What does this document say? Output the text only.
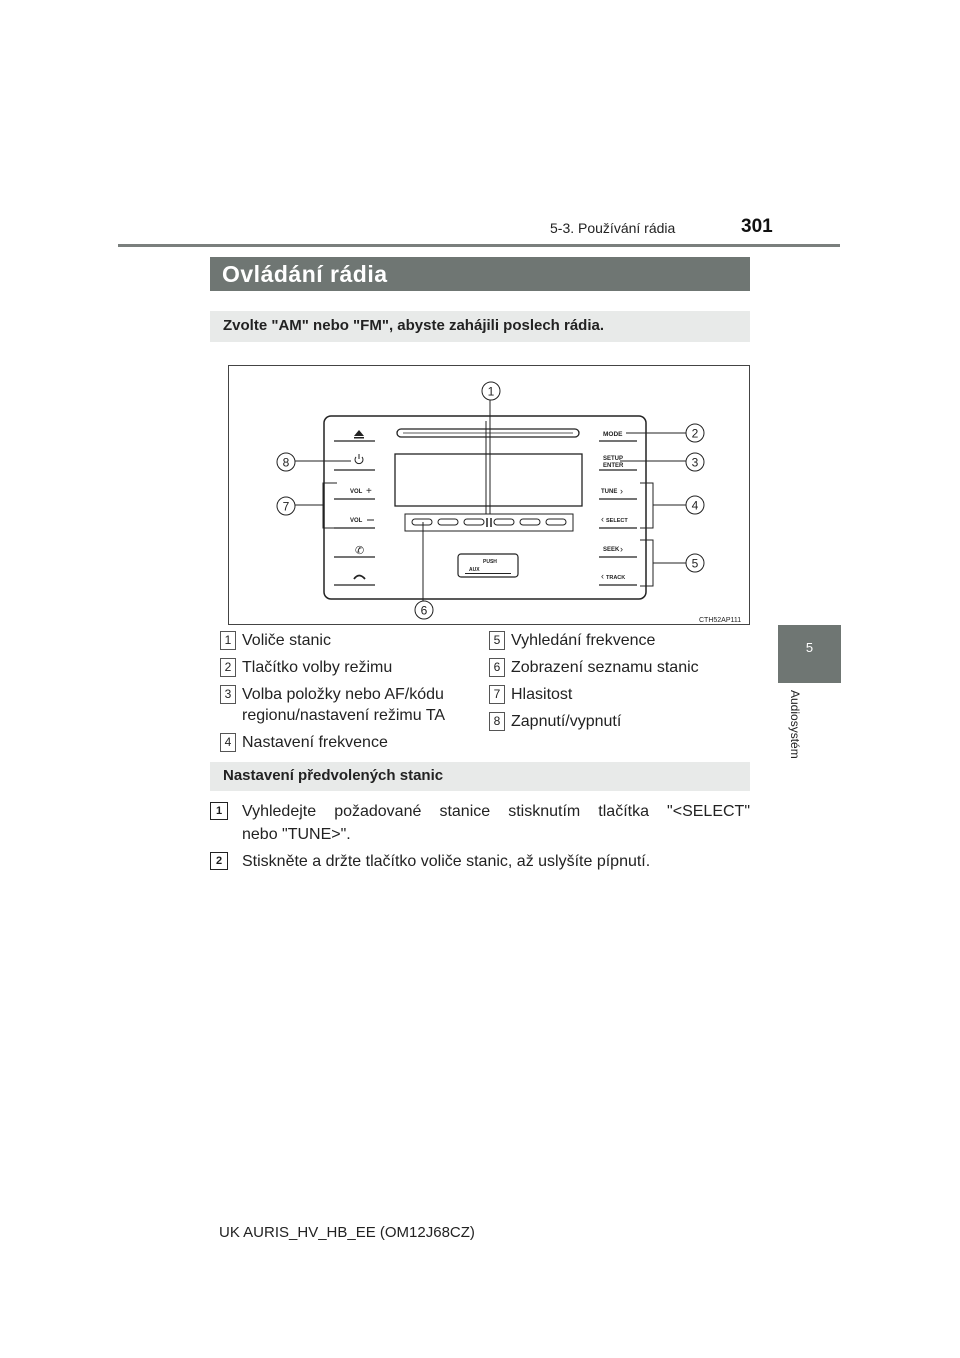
5-3. Používání rádia	301
5
Audiosystém
Ovládání rádia
Zvolte "AM" nebo "FM", abyste zahájili poslech rádia.
PUSH
AUX
VOL +
VOL
✆
MODE
SETUP
ENTER
TUNE ›
‹ SELECT
SEEK ›
‹ TRACK
1
2
3
4
5
6
7
8
CTH52AP111
1 Voliče stanic
2 Tlačítko volby režimu
3 Volba položky nebo AF/kódu
regionu/nastavení režimu TA
4 Nastavení frekvence
5 Vyhledání frekvence
6 Zobrazení seznamu stanic
7 Hlasitost
8 Zapnutí/vypnutí
Nastavení předvolených stanic
1	Vyhledejte požadované stanice stisknutím tlačítka "<SELECT"
nebo "TUNE>".
2	Stiskněte a držte tlačítko voliče stanic, až uslyšíte pípnutí.
UK AURIS_HV_HB_EE (OM12J68CZ)
